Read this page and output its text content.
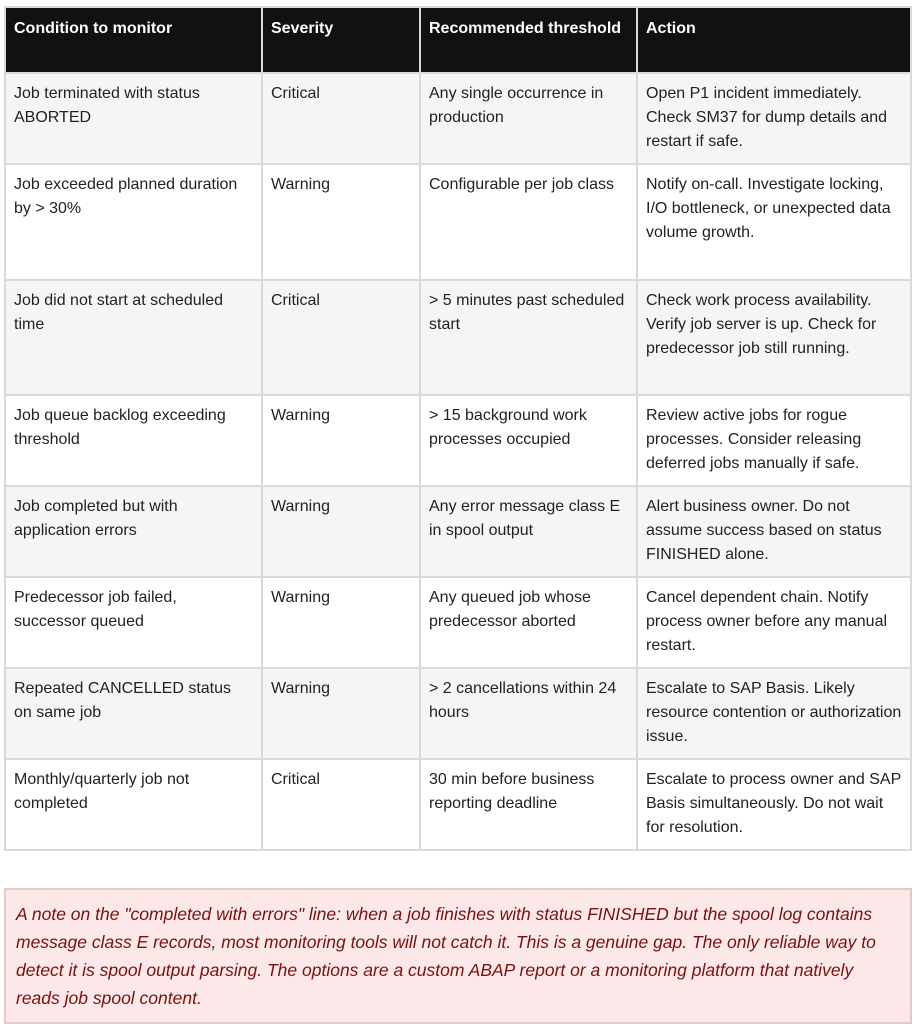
Condition to monitor	Severity	Recommended threshold	Action
Job terminated with status ABORTED	Critical	Any single occurrence in production	Open P1 incident immediately. Check SM37 for dump details and restart if safe.
Job exceeded planned duration by > 30%	Warning	Configurable per job class	Notify on-call. Investigate locking, I/O bottleneck, or unexpected data volume growth.
Job did not start at scheduled time	Critical	> 5 minutes past scheduled start	Check work process availability. Verify job server is up. Check for predecessor job still running.
Job queue backlog exceeding threshold	Warning	> 15 background work processes occupied	Review active jobs for rogue processes. Consider releasing deferred jobs manually if safe.
Job completed but with application errors	Warning	Any error message class E in spool output	Alert business owner. Do not assume success based on status FINISHED alone.
Predecessor job failed, successor queued	Warning	Any queued job whose predecessor aborted	Cancel dependent chain. Notify process owner before any manual restart.
Repeated CANCELLED status on same job	Warning	> 2 cancellations within 24 hours	Escalate to SAP Basis. Likely resource contention or authorization issue.
Monthly/quarterly job not completed	Critical	30 min before business reporting deadline	Escalate to process owner and SAP Basis simultaneously. Do not wait for resolution.
A note on the "completed with errors" line: when a job finishes with status FINISHED but the spool log contains message class E records, most monitoring tools will not catch it. This is a genuine gap. The only reliable way to detect it is spool output parsing. The options are a custom ABAP report or a monitoring platform that natively reads job spool content.
